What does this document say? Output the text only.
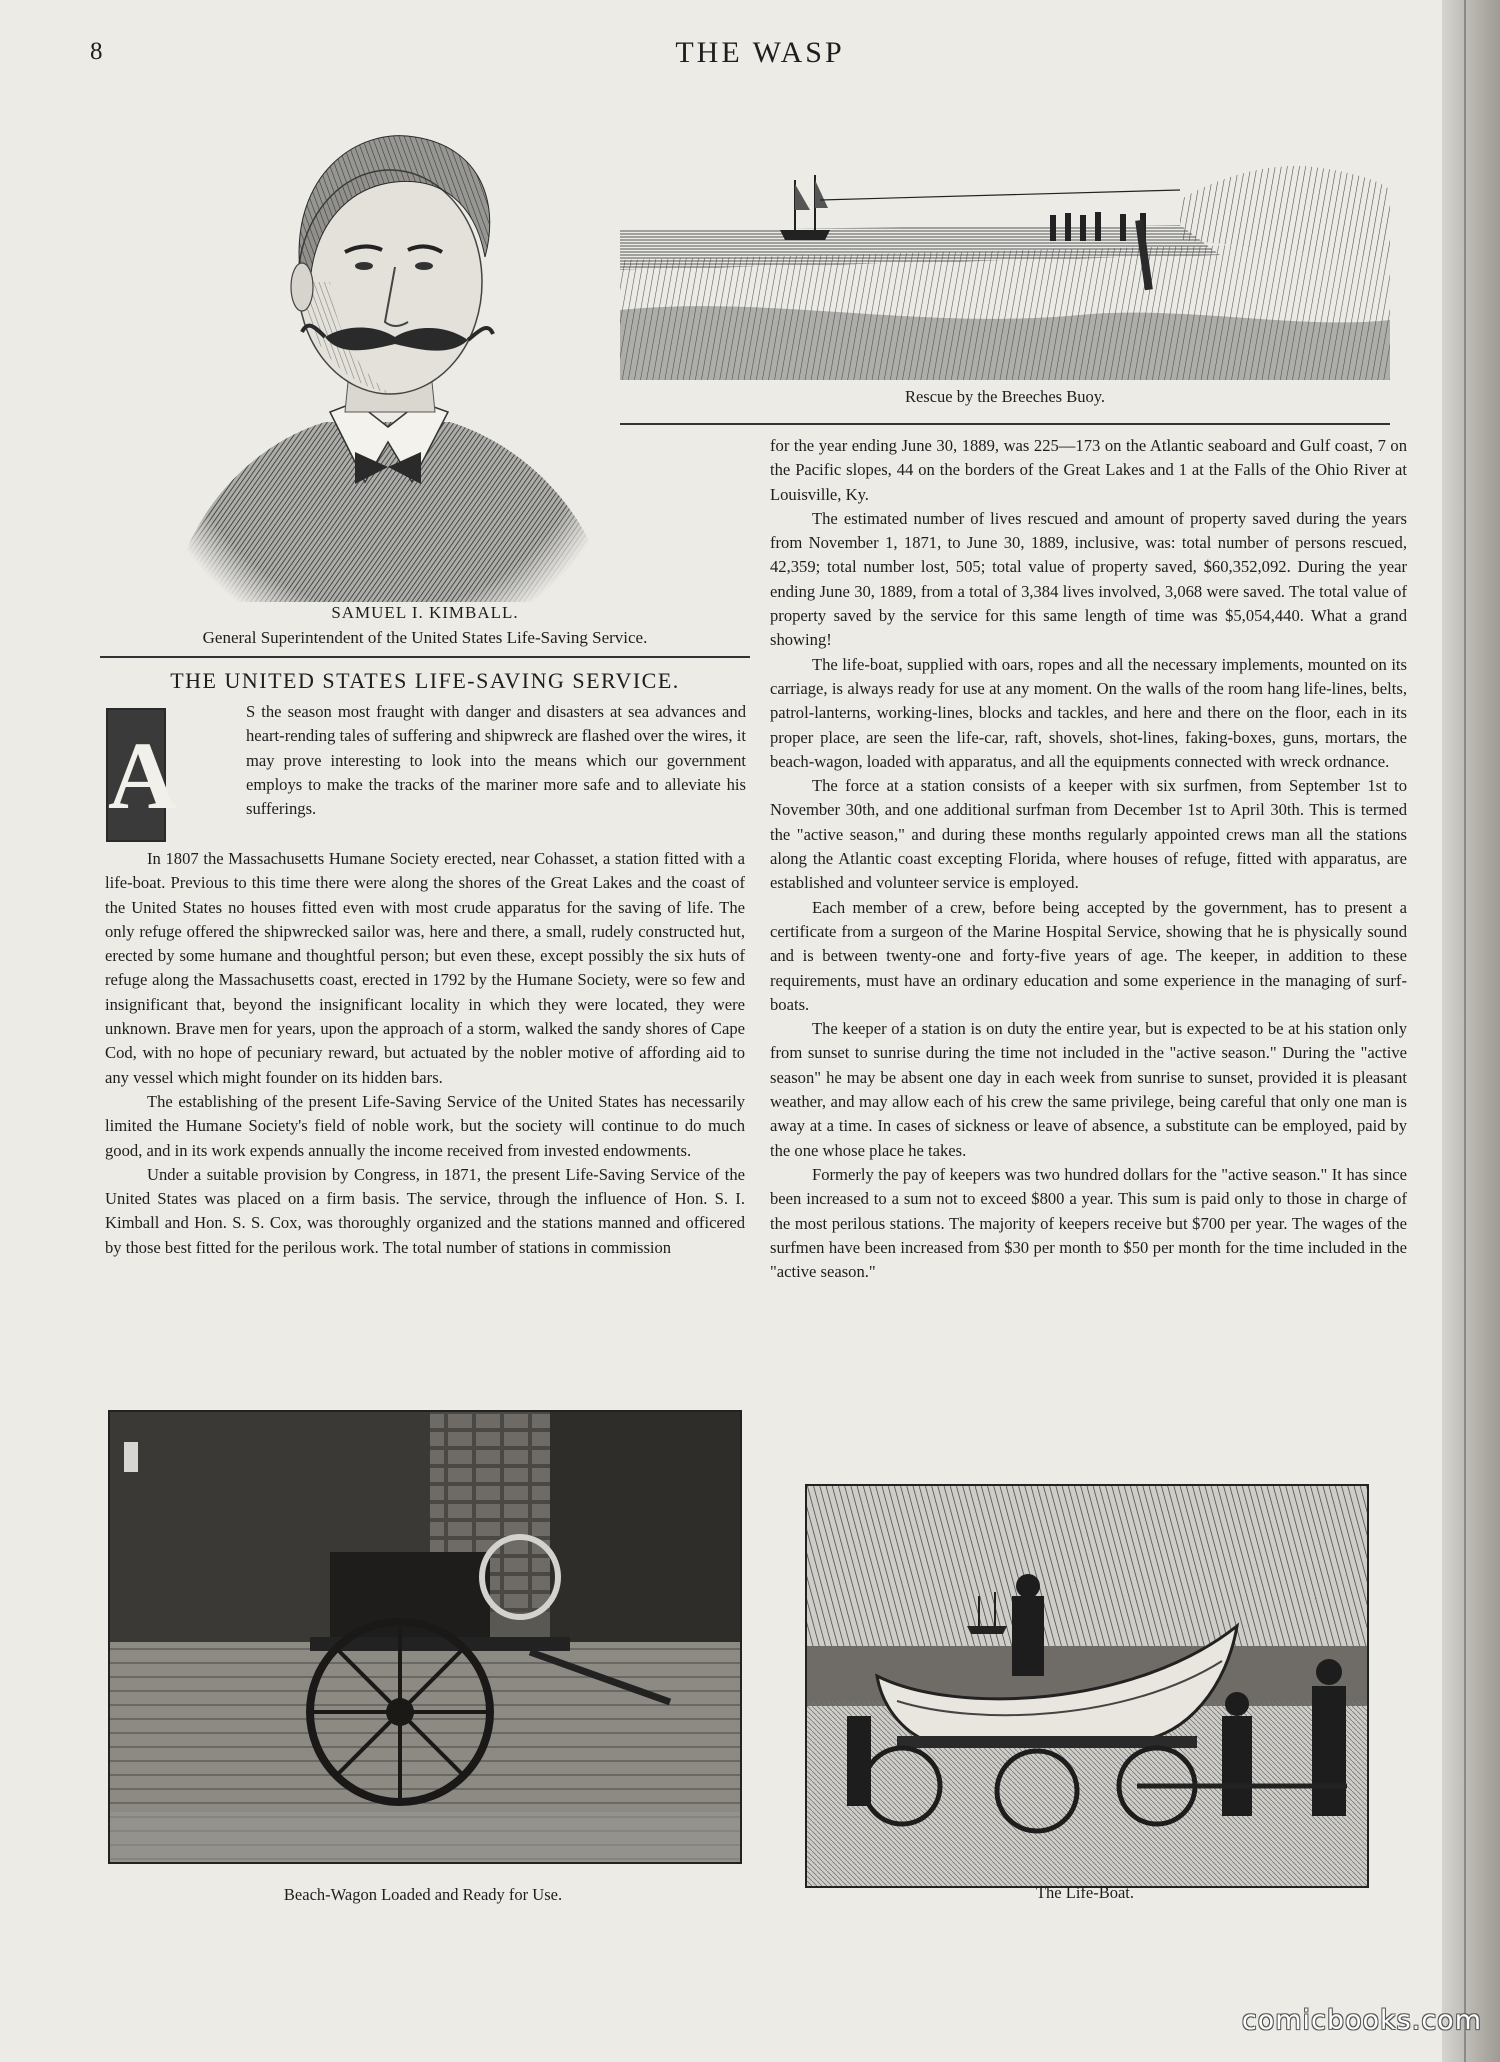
8	THE WASP
SAMUEL I. KIMBALL.
General Superintendent of the United States Life-Saving Service.
Rescue by the Breeches Buoy.
THE UNITED STATES LIFE-SAVING SERVICE.
A
S the season most fraught with danger and disasters at sea advances and heart-rending tales of suffering and shipwreck are flashed over the wires, it may prove interesting to look into the means which our government employs to make the tracks of the mariner more safe and to alleviate his sufferings.

In 1807 the Massachusetts Humane Society erected, near Cohasset, a station fitted with a life-boat. Previous to this time there were along the shores of the Great Lakes and the coast of the United States no houses fitted even with most crude apparatus for the saving of life. The only refuge offered the shipwrecked sailor was, here and there, a small, rudely constructed hut, erected by some humane and thoughtful person; but even these, except possibly the six huts of refuge along the Massachusetts coast, erected in 1792 by the Humane Society, were so few and insignificant that, beyond the insignificant locality in which they were located, they were unknown. Brave men for years, upon the approach of a storm, walked the sandy shores of Cape Cod, with no hope of pecuniary reward, but actuated by the nobler motive of affording aid to any vessel which might founder on its hidden bars.

The establishing of the present Life-Saving Service of the United States has necessarily limited the Humane Society's field of noble work, but the society will continue to do much good, and in its work expends annually the income received from invested endowments.

Under a suitable provision by Congress, in 1871, the present Life-Saving Service of the United States was placed on a firm basis. The service, through the influence of Hon. S. I. Kimball and Hon. S. S. Cox, was thoroughly organized and the stations manned and officered by those best fitted for the perilous work. The total number of stations in commission

for the year ending June 30, 1889, was 225—173 on the Atlantic seaboard and Gulf coast, 7 on the Pacific slopes, 44 on the borders of the Great Lakes and 1 at the Falls of the Ohio River at Louisville, Ky.

The estimated number of lives rescued and amount of property saved during the years from November 1, 1871, to June 30, 1889, inclusive, was: total number of persons rescued, 42,359; total number lost, 505; total value of property saved, $60,352,092. During the year ending June 30, 1889, from a total of 3,384 lives involved, 3,068 were saved. The total value of property saved by the service for this same length of time was $5,054,440. What a grand showing!

The life-boat, supplied with oars, ropes and all the necessary implements, mounted on its carriage, is always ready for use at any moment. On the walls of the room hang life-lines, belts, patrol-lanterns, working-lines, blocks and tackles, and here and there on the floor, each in its proper place, are seen the life-car, raft, shovels, shot-lines, faking-boxes, guns, mortars, the beach-wagon, loaded with apparatus, and all the equipments connected with wreck ordnance.

The force at a station consists of a keeper with six surfmen, from September 1st to November 30th, and one additional surfman from December 1st to April 30th. This is termed the "active season," and during these months regularly appointed crews man all the stations along the Atlantic coast excepting Florida, where houses of refuge, fitted with apparatus, are established and volunteer service is employed.

Each member of a crew, before being accepted by the government, has to present a certificate from a surgeon of the Marine Hospital Service, showing that he is physically sound and is between twenty-one and forty-five years of age. The keeper, in addition to these requirements, must have an ordinary education and some experience in the managing of surf-boats.

The keeper of a station is on duty the entire year, but is expected to be at his station only from sunset to sunrise during the time not included in the "active season." During the "active season" he may be absent one day in each week from sunrise to sunset, provided it is pleasant weather, and may allow each of his crew the same privilege, being careful that only one man is away at a time. In cases of sickness or leave of absence, a substitute can be employed, paid by the one whose place he takes.

Formerly the pay of keepers was two hundred dollars for the "active season." It has since been increased to a sum not to exceed $800 a year. This sum is paid only to those in charge of the most perilous stations. The majority of keepers receive but $700 per year. The wages of the surfmen have been increased from $30 per month to $50 per month for the time included in the "active season."

Beach-Wagon Loaded and Ready for Use.	The Life-Boat.
comicbooks.com
